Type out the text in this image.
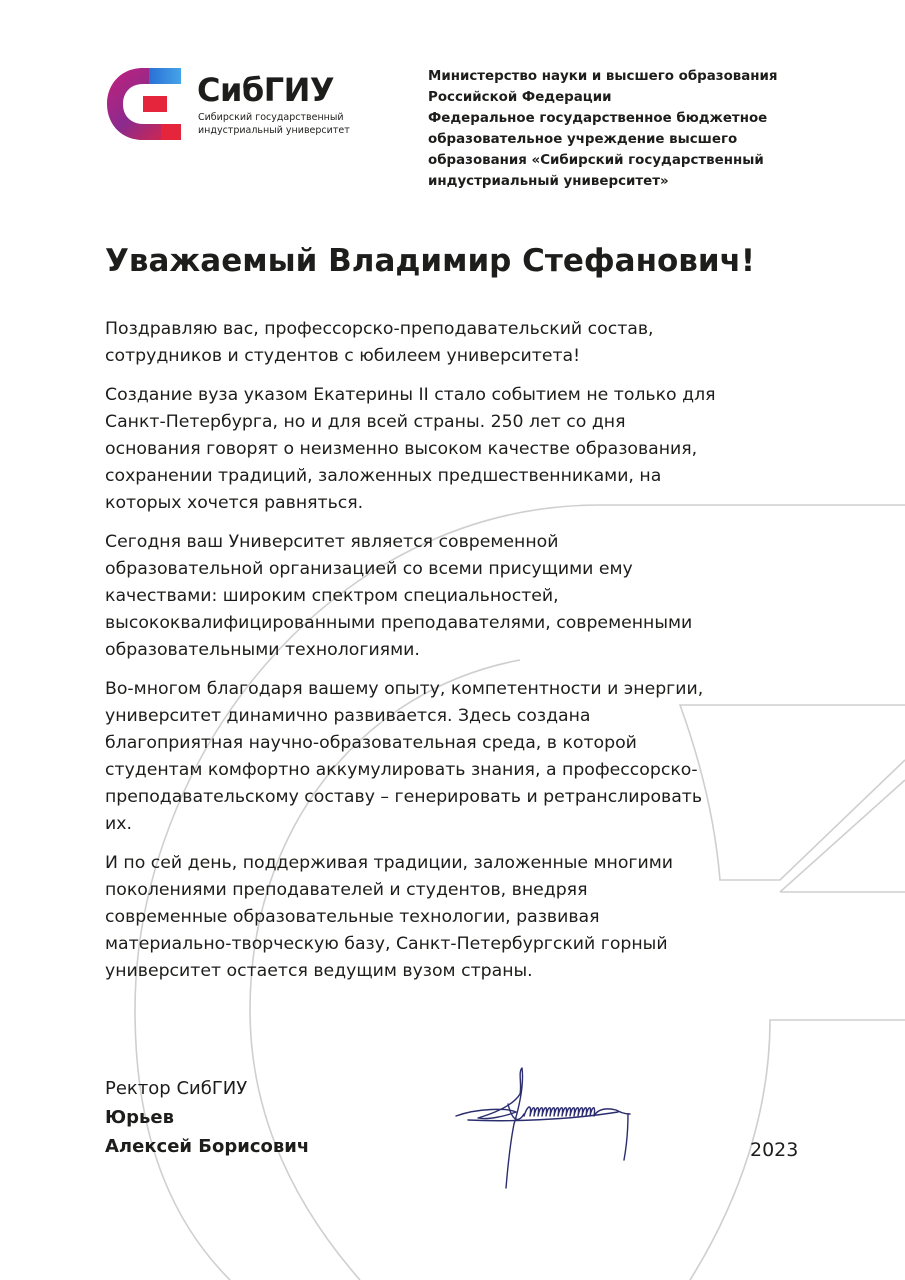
СибГИУ
Сибирский государственный
индустриальный университет
Министерство науки и высшего образования
Российской Федерации
Федеральное государственное бюджетное
образовательное учреждение высшего
образования «Сибирский государственный
индустриальный университет»
Уважаемый Владимир Стефанович!
Поздравляю вас, профессорско-преподавательский состав,
сотрудников и студентов с юбилеем университета!
Создание вуза указом Екатерины II стало событием не только для
Санкт-Петербурга, но и для всей страны. 250 лет со дня
основания говорят о неизменно высоком качестве образования,
сохранении традиций, заложенных предшественниками, на
которых хочется равняться.
Сегодня ваш Университет является современной
образовательной организацией со всеми присущими ему
качествами: широким спектром специальностей,
высококвалифицированными преподавателями, современными
образовательными технологиями.
Во-многом благодаря вашему опыту, компетентности и энергии,
университет динамично развивается. Здесь создана
благоприятная научно-образовательная среда, в которой
студентам комфортно аккумулировать знания, а профессорско-
преподавательскому составу – генерировать и ретранслировать
их.
И по сей день, поддерживая традиции, заложенные многими
поколениями преподавателей и студентов, внедряя
современные образовательные технологии, развивая
материально-творческую базу, Санкт-Петербургский горный
университет остается ведущим вузом страны.
Ректор СибГИУ
Юрьев
Алексей Борисович	2023
